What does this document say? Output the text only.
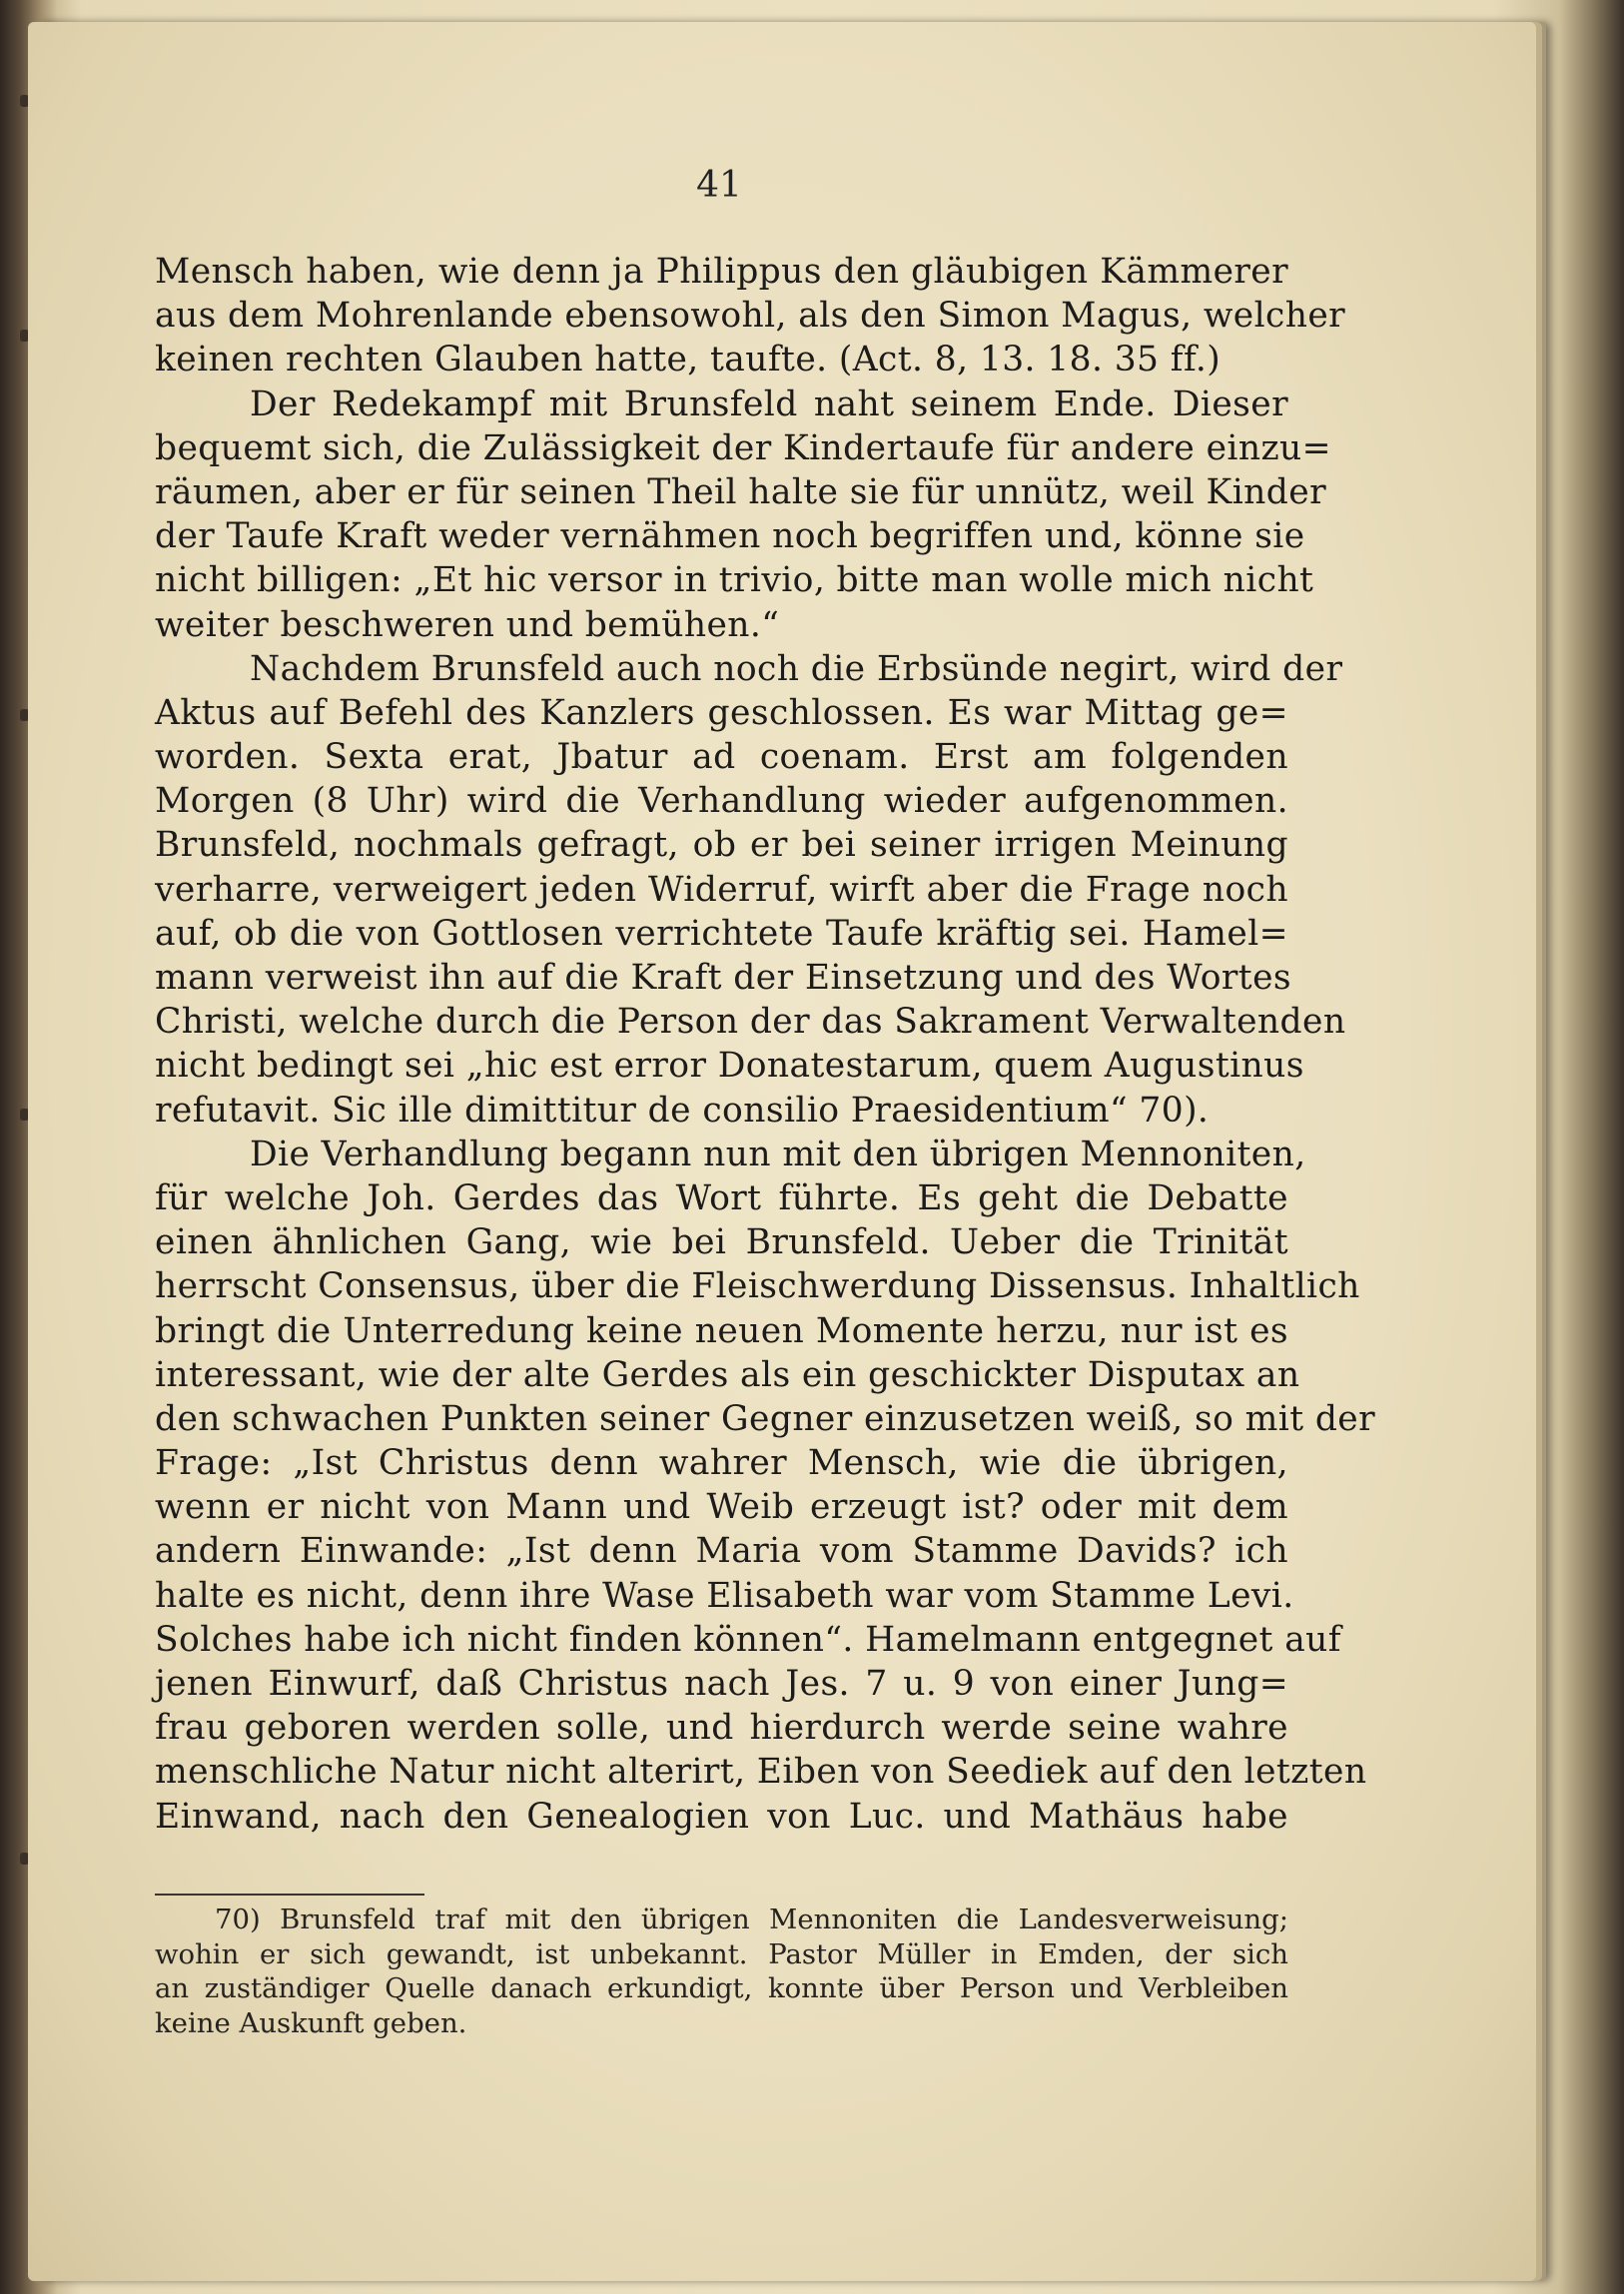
41
Mensch haben, wie denn ja Philippus den gläubigen Kämmerer
aus dem Mohrenlande ebensowohl, als den Simon Magus, welcher
keinen rechten Glauben hatte, taufte. (Act. 8, 13. 18. 35 ff.)
Der Redekampf mit Brunsfeld naht seinem Ende. Dieser
bequemt sich, die Zulässigkeit der Kindertaufe für andere einzu=
räumen, aber er für seinen Theil halte sie für unnütz, weil Kinder
der Taufe Kraft weder vernähmen noch begriffen und, könne sie
nicht billigen: „Et hic versor in trivio, bitte man wolle mich nicht
weiter beschweren und bemühen.“
Nachdem Brunsfeld auch noch die Erbsünde negirt, wird der
Aktus auf Befehl des Kanzlers geschlossen. Es war Mittag ge=
worden. Sexta erat, Jbatur ad coenam. Erst am folgenden
Morgen (8 Uhr) wird die Verhandlung wieder aufgenommen.
Brunsfeld, nochmals gefragt, ob er bei seiner irrigen Meinung
verharre, verweigert jeden Widerruf, wirft aber die Frage noch
auf, ob die von Gottlosen verrichtete Taufe kräftig sei. Hamel=
mann verweist ihn auf die Kraft der Einsetzung und des Wortes
Christi, welche durch die Person der das Sakrament Verwaltenden
nicht bedingt sei „hic est error Donatestarum, quem Augustinus
refutavit. Sic ille dimittitur de consilio Praesidentium“ 70).
Die Verhandlung begann nun mit den übrigen Mennoniten,
für welche Joh. Gerdes das Wort führte. Es geht die Debatte
einen ähnlichen Gang, wie bei Brunsfeld. Ueber die Trinität
herrscht Consensus, über die Fleischwerdung Dissensus. Inhaltlich
bringt die Unterredung keine neuen Momente herzu, nur ist es
interessant, wie der alte Gerdes als ein geschickter Disputax an
den schwachen Punkten seiner Gegner einzusetzen weiß, so mit der
Frage: „Ist Christus denn wahrer Mensch, wie die übrigen,
wenn er nicht von Mann und Weib erzeugt ist? oder mit dem
andern Einwande: „Ist denn Maria vom Stamme Davids? ich
halte es nicht, denn ihre Wase Elisabeth war vom Stamme Levi.
Solches habe ich nicht finden können“. Hamelmann entgegnet auf
jenen Einwurf, daß Christus nach Jes. 7 u. 9 von einer Jung=
frau geboren werden solle, und hierdurch werde seine wahre
menschliche Natur nicht alterirt, Eiben von Seediek auf den letzten
Einwand, nach den Genealogien von Luc. und Mathäus habe
70) Brunsfeld traf mit den übrigen Mennoniten die Landesverweisung;
wohin er sich gewandt, ist unbekannt. Pastor Müller in Emden, der sich
an zuständiger Quelle danach erkundigt, konnte über Person und Verbleiben
keine Auskunft geben.
